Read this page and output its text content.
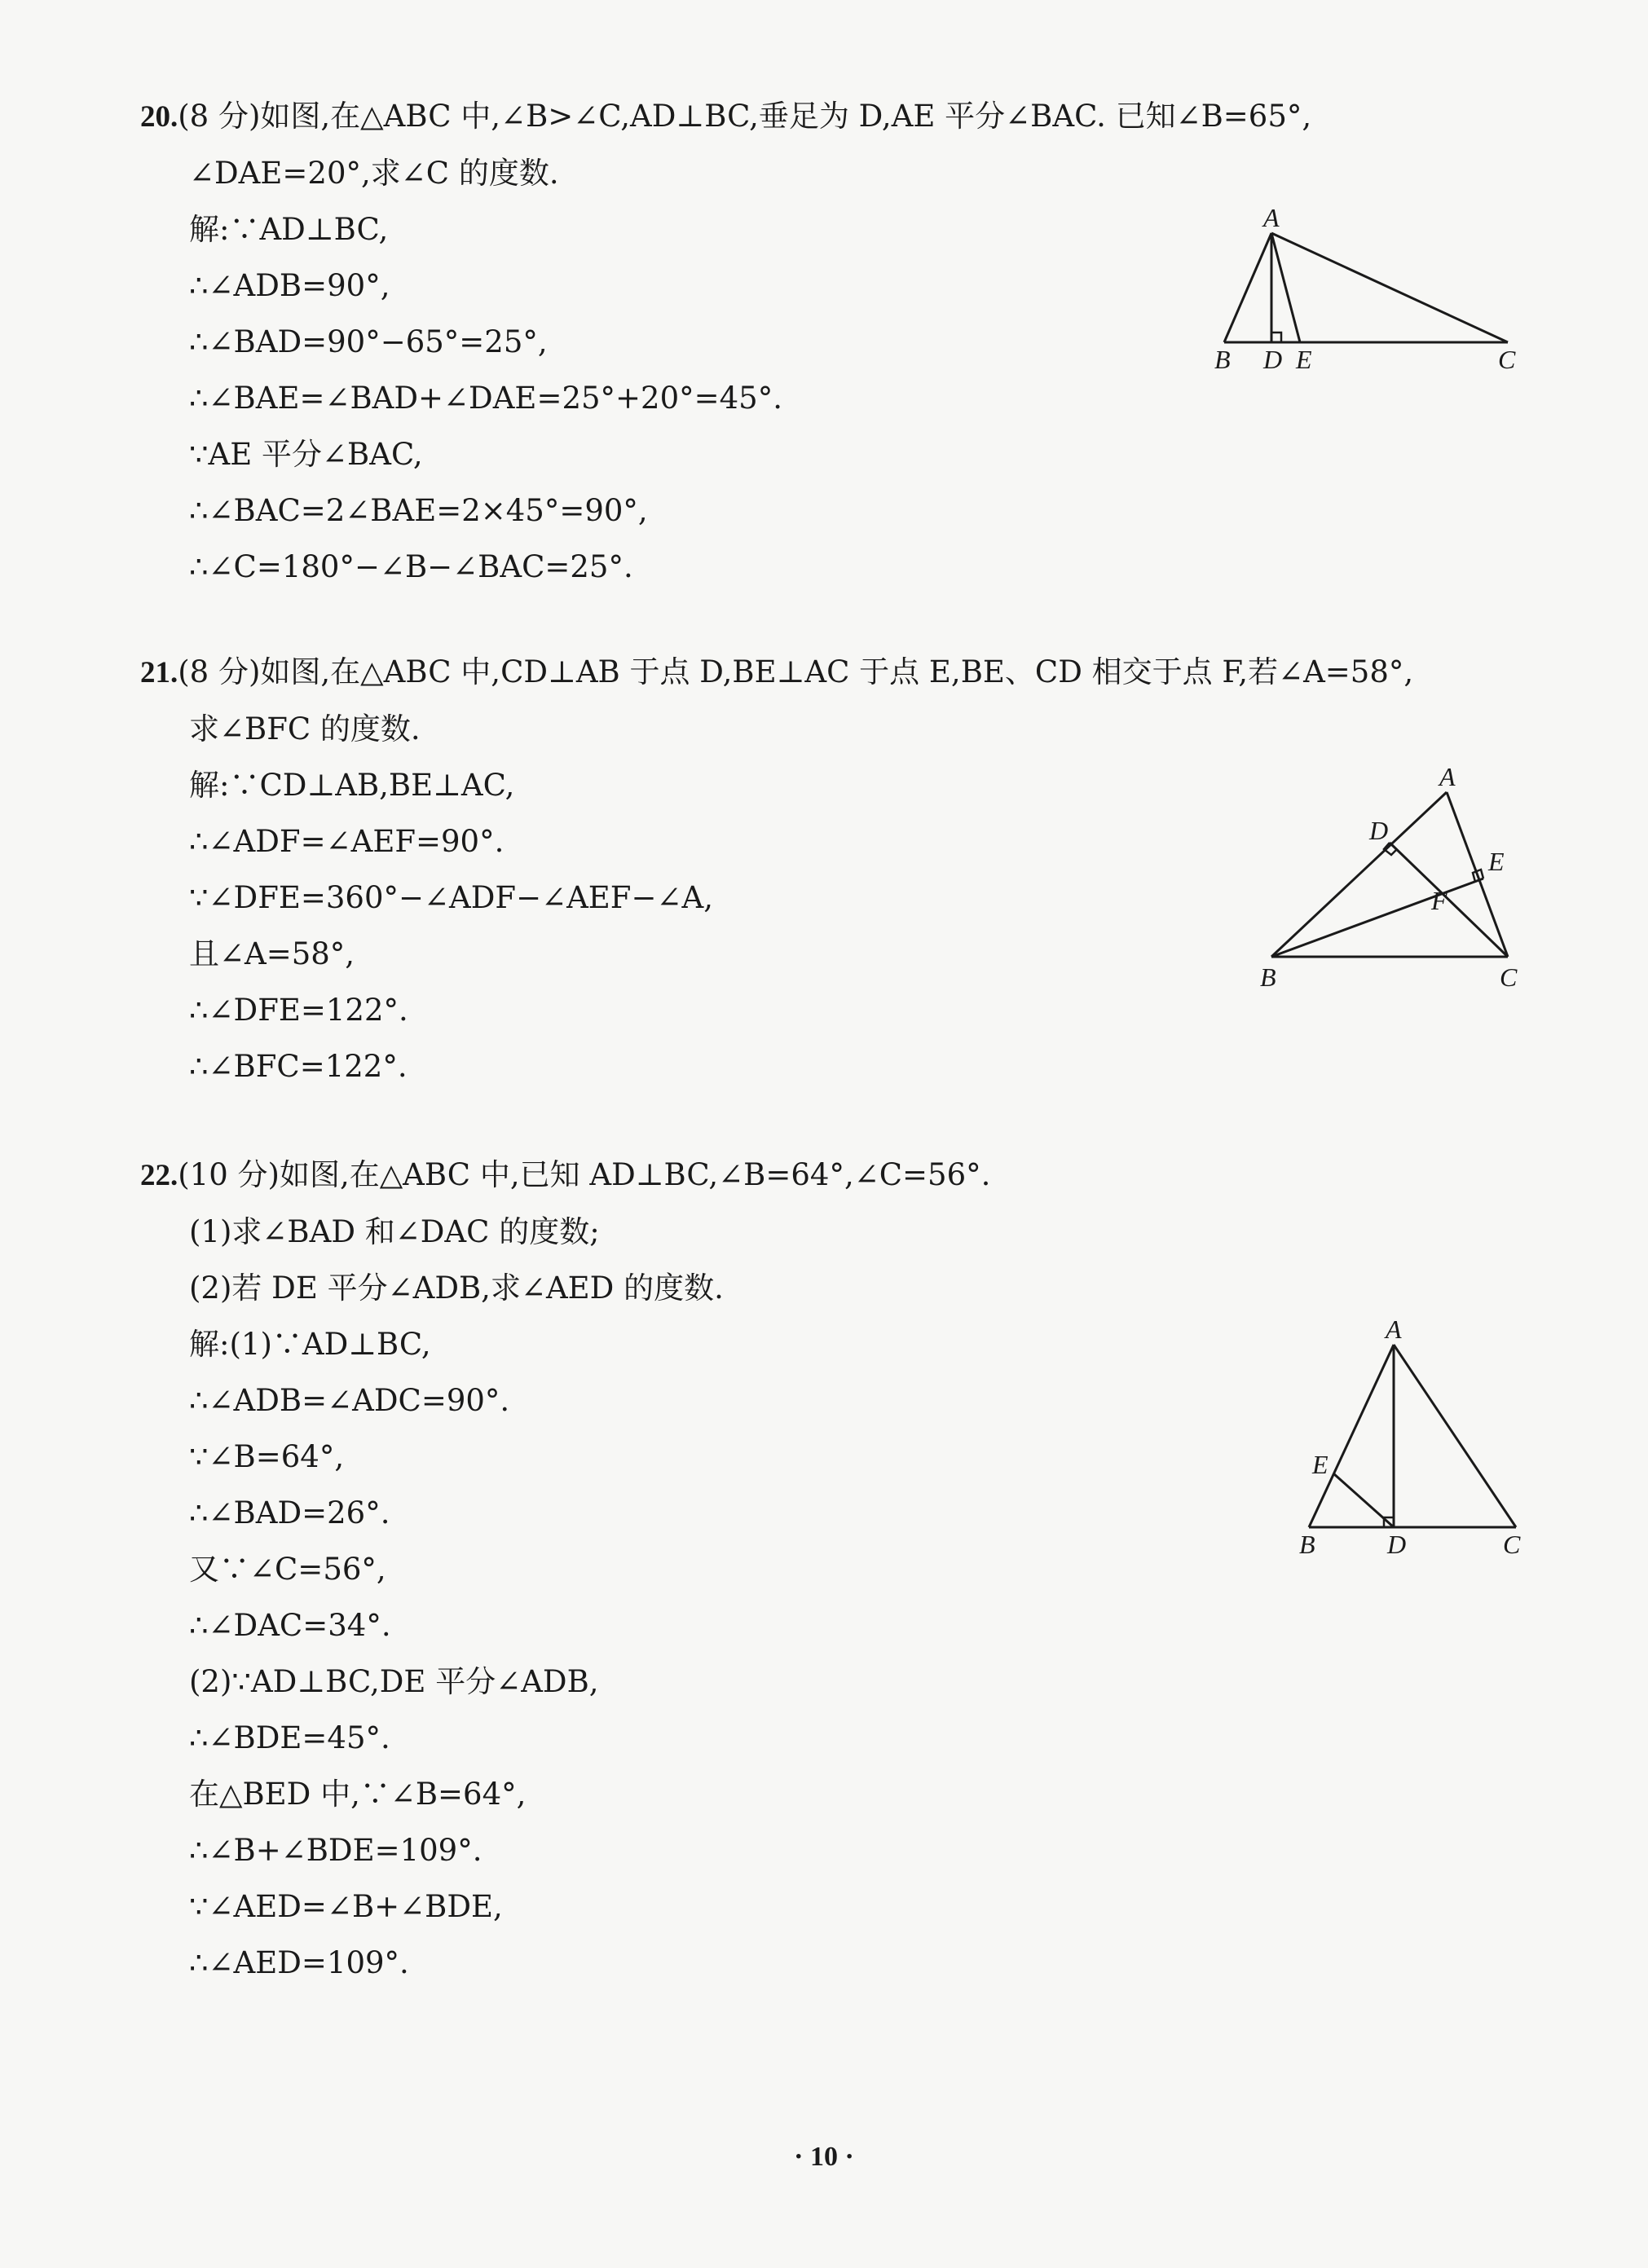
20.(8 分)如图,在△ABC 中,∠B>∠C,AD⊥BC,垂足为 D,AE 平分∠BAC. 已知∠B=65°,
∠DAE=20°,求∠C 的度数.
解:∵AD⊥BC,
∴∠ADB=90°,
∴∠BAD=90°−65°=25°,
∴∠BAE=∠BAD+∠DAE=25°+20°=45°.
∵AE 平分∠BAC,
∴∠BAC=2∠BAE=2×45°=90°,
∴∠C=180°−∠B−∠BAC=25°.
A
B D E	C
21.(8 分)如图,在△ABC 中,CD⊥AB 于点 D,BE⊥AC 于点 E,BE、CD 相交于点 F,若∠A=58°,
求∠BFC 的度数.
解:∵CD⊥AB,BE⊥AC,
∴∠ADF=∠AEF=90°.
∵∠DFE=360°−∠ADF−∠AEF−∠A,
且∠A=58°,
∴∠DFE=122°.
∴∠BFC=122°.
A
B	C
D
E
F
22.(10 分)如图,在△ABC 中,已知 AD⊥BC,∠B=64°,∠C=56°.
(1)求∠BAD 和∠DAC 的度数;
(2)若 DE 平分∠ADB,求∠AED 的度数.
解:(1)∵AD⊥BC,
∴∠ADB=∠ADC=90°.
∵∠B=64°,
∴∠BAD=26°.
又∵∠C=56°,
∴∠DAC=34°.
(2)∵AD⊥BC,DE 平分∠ADB,
∴∠BDE=45°.
在△BED 中,∵∠B=64°,
∴∠B+∠BDE=109°.
∵∠AED=∠B+∠BDE,
∴∠AED=109°.
A
B	D	C
E
· 10 ·
